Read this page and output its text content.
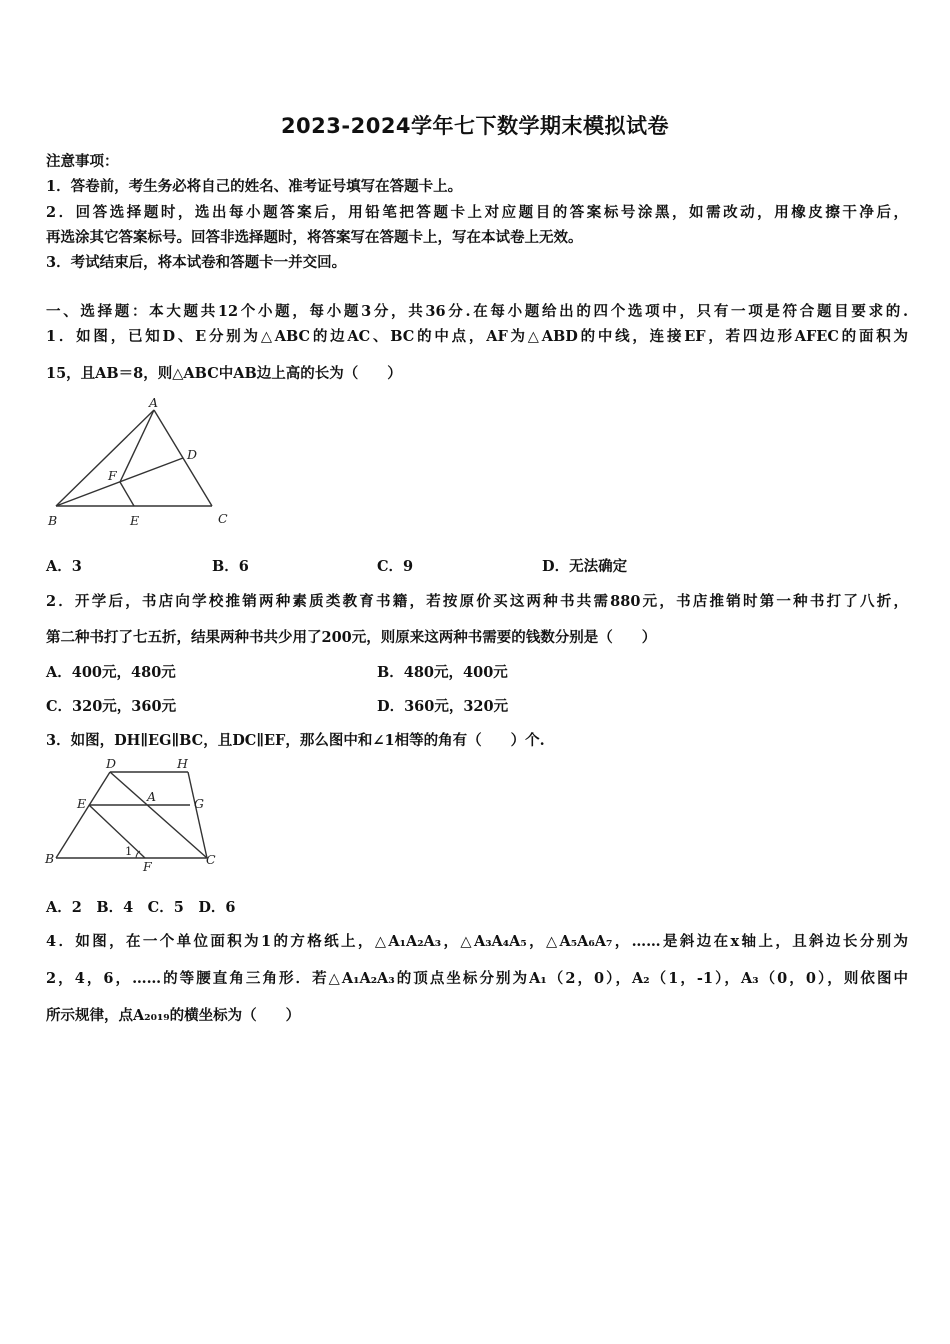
2023-2024学年七下数学期末模拟试卷
注意事项：
1．答卷前，考生务必将自己的姓名、准考证号填写在答题卡上。
2．回答选择题时，选出每小题答案后，用铅笔把答题卡上对应题目的答案标号涂黑，如需改动，用橡皮擦干净后，
再选涂其它答案标号。回答非选择题时，将答案写在答题卡上，写在本试卷上无效。
3．考试结束后，将本试卷和答题卡一并交回。
一、选择题：本大题共12个小题，每小题3分，共36分.在每小题给出的四个选项中，只有一项是符合题目要求的.
1．如图，已知D、E分别为△ABC的边AC、BC的中点，AF为△ABD的中线，连接EF，若四边形AFEC的面积为
15，且AB＝8，则△ABC中AB边上高的长为（　　）
A
D
F
B	E	C
A．3	B．6	C．9	D．无法确定
2．开学后，书店向学校推销两种素质类教育书籍，若按原价买这两种书共需880元，书店推销时第一种书打了八折，
第二种书打了七五折，结果两种书共少用了200元，则原来这两种书需要的钱数分别是（　　）
A．400元，480元	B．480元，400元
C．320元，360元	D．360元，320元
3．如图，DH∥EG∥BC，且DC∥EF，那么图中和∠1相等的角有（　　）个.
D	H
E	A	G
B	1
F	C
A．2　B．4　C．5　D．6
4．如图，在一个单位面积为1的方格纸上，△A₁A₂A₃，△A₃A₄A₅，△A₅A₆A₇，……是斜边在x轴上，且斜边长分别为
2，4，6，……的等腰直角三角形．若△A₁A₂A₃的顶点坐标分别为A₁（2，0），A₂（1，-1），A₃（0，0），则依图中
所示规律，点A₂₀₁₉的横坐标为（　　）
